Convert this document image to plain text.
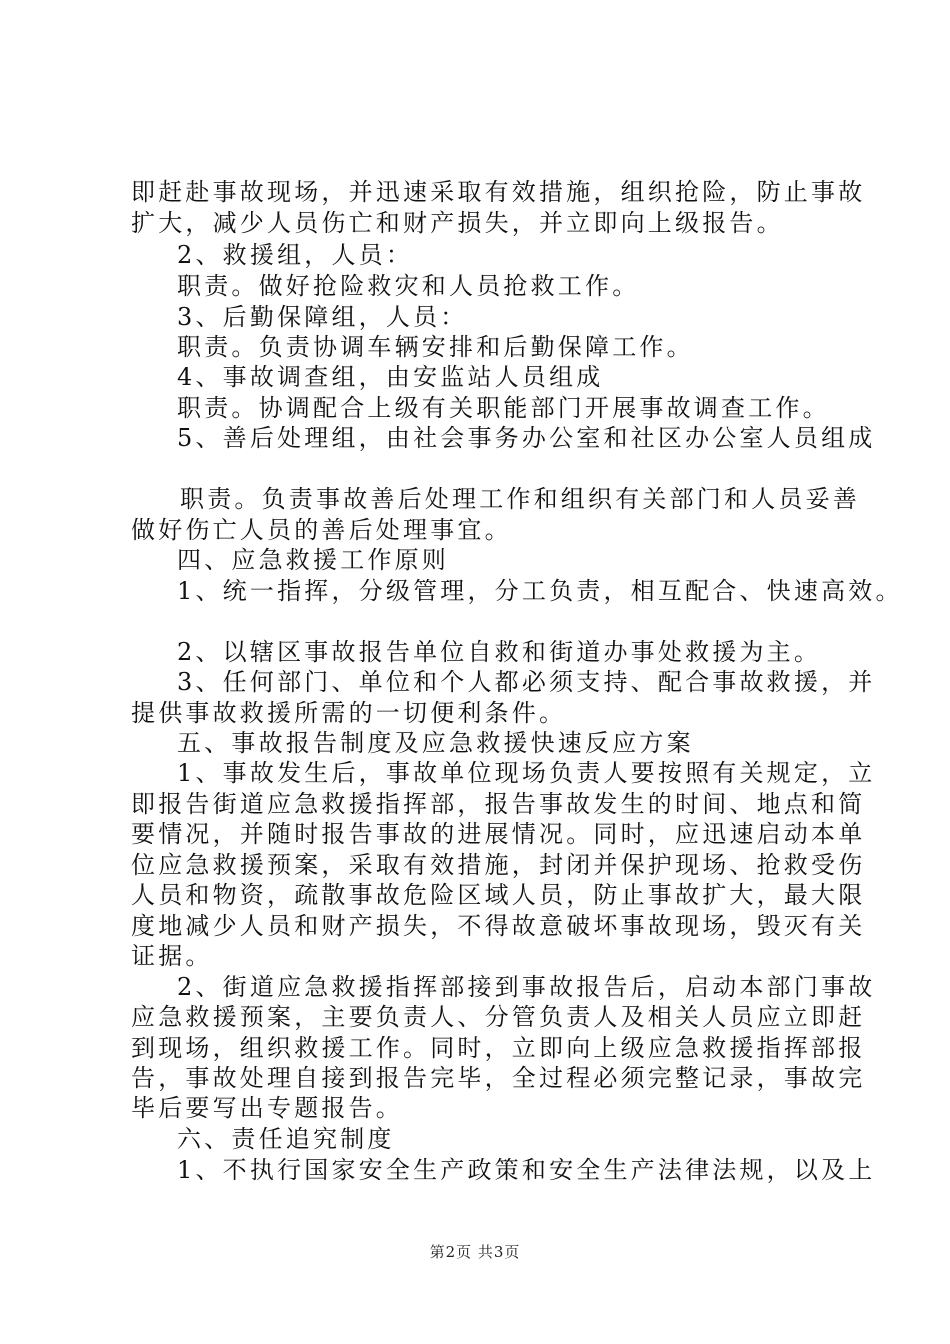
即赶赴事故现场，并迅速采取有效措施，组织抢险，防止事故
扩大，减少人员伤亡和财产损失，并立即向上级报告。
2、救援组，人员：
职责。做好抢险救灾和人员抢救工作。
3、后勤保障组，人员：
职责。负责协调车辆安排和后勤保障工作。
4、事故调查组，由安监站人员组成
职责。协调配合上级有关职能部门开展事故调查工作。
5、善后处理组，由社会事务办公室和社区办公室人员组成
职责。负责事故善后处理工作和组织有关部门和人员妥善
做好伤亡人员的善后处理事宜。
四、应急救援工作原则
1、统一指挥，分级管理，分工负责，相互配合、快速高效。
2、以辖区事故报告单位自救和街道办事处救援为主。
3、任何部门、单位和个人都必须支持、配合事故救援，并
提供事故救援所需的一切便利条件。
五、事故报告制度及应急救援快速反应方案
1、事故发生后，事故单位现场负责人要按照有关规定，立
即报告街道应急救援指挥部，报告事故发生的时间、地点和简
要情况，并随时报告事故的进展情况。同时，应迅速启动本单
位应急救援预案，采取有效措施，封闭并保护现场、抢救受伤
人员和物资，疏散事故危险区域人员，防止事故扩大，最大限
度地减少人员和财产损失，不得故意破坏事故现场，毁灭有关
证据。
2、街道应急救援指挥部接到事故报告后，启动本部门事故
应急救援预案，主要负责人、分管负责人及相关人员应立即赶
到现场，组织救援工作。同时，立即向上级应急救援指挥部报
告，事故处理自接到报告完毕，全过程必须完整记录，事故完
毕后要写出专题报告。
六、责任追究制度
1、不执行国家安全生产政策和安全生产法律法规，以及上
第2页 共3页
